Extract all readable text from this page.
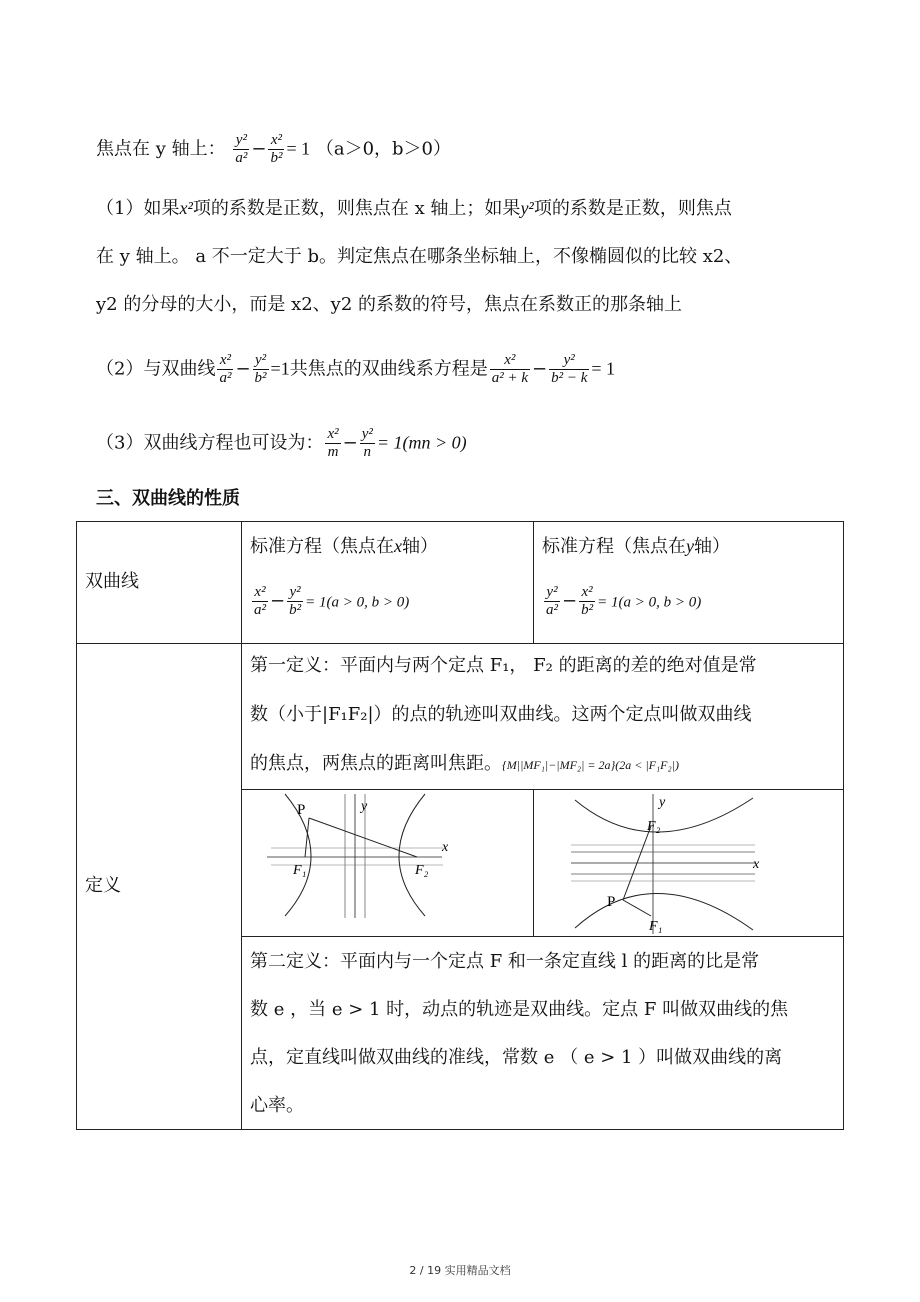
焦点在 y 轴上： $\frac{\text{y²}}{\text{a²}} - \frac{\text{x²}}{\text{b²}} = 1$ （a＞0，b＞0）
（1）如果x²项的系数是正数，则焦点在 x 轴上；如果y²项的系数是正数，则焦点
在 y 轴上。 a 不一定大于 b。判定焦点在哪条坐标轴上，不像椭圆似的比较 x2、
y2 的分母的大小，而是 x2、y2 的系数的符号，焦点在系数正的那条轴上
（2）与双曲线 $\frac{\text{x²}}{\text{a²}} - \frac{\text{y²}}{\text{b²}} =1$共焦点的双曲线系方程是 $\frac{\text{x²}}{\text{a² + k}} - \frac{\text{y²}}{\text{b² − k}} = 1$
（3）双曲线方程也可设为： $\frac{\text{x²}}{m} - \frac{\text{y²}}{n} = 1(mn > 0)$
三、双曲线的性质
双曲线
标准方程（焦点在x轴）
$\frac{\text{x²}}{\text{a²}} - \frac{\text{y²}}{\text{b²}} = 1(a > 0$, b > 0)
标准方程（焦点在y轴）
$\frac{\text{y²}}{\text{a²}} - \frac{\text{x²}}{\text{b²}} = 1(a > 0$, b > 0)
定义
第一定义：平面内与两个定点 F₁， F₂ 的距离的差的绝对值是常
数（小于|F₁F₂|）的点的轨迹叫双曲线。这两个定点叫做双曲线
的焦点，两焦点的距离叫焦距。{M||MF₁|−|MF₂| = 2a}(2a < |F₁F₂|)
P	y
x
F₁	F₂
P
y
x
F₁
F₂
第二定义：平面内与一个定点 F 和一条定直线 l 的距离的比是常
数 e ，当 e > 1 时，动点的轨迹是双曲线。定点 F 叫做双曲线的焦
点，定直线叫做双曲线的准线，常数 e （ e > 1 ）叫做双曲线的离
心率。
2 / 19 实用精品文档
